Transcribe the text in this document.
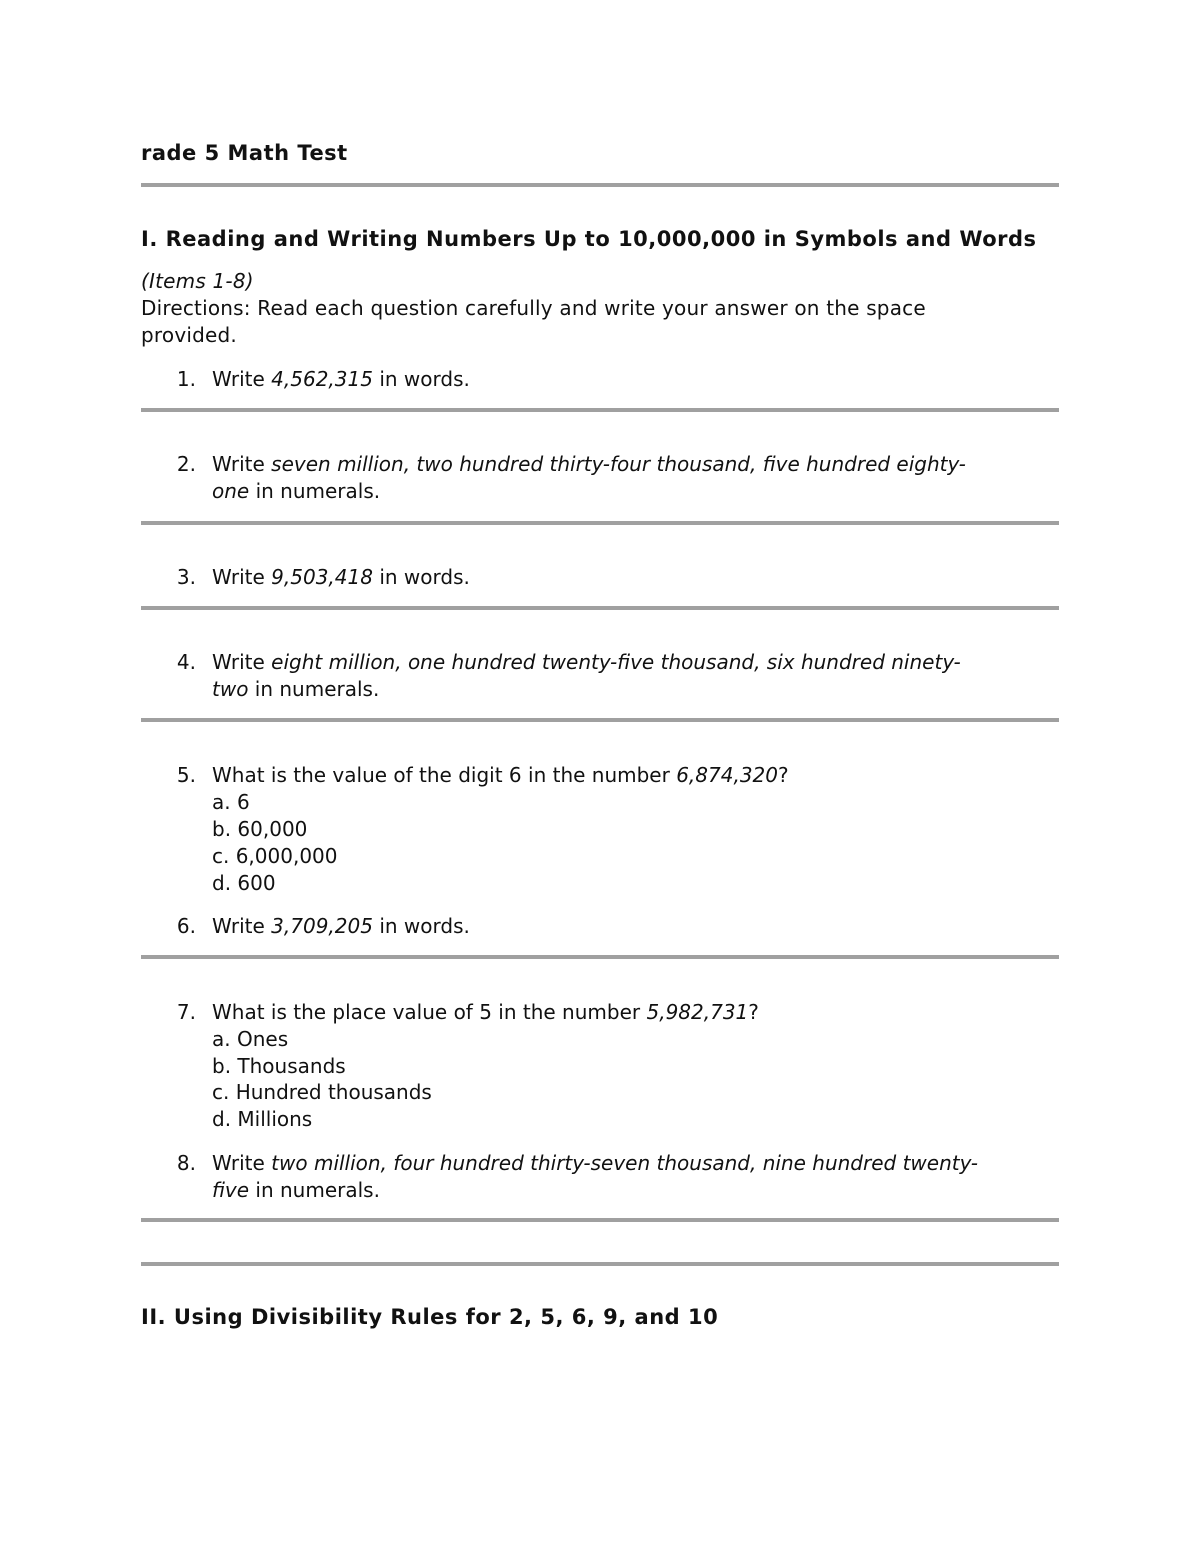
rade 5 Math Test
I. Reading and Writing Numbers Up to 10,000,000 in Symbols and Words
(Items 1-8)
Directions: Read each question carefully and write your answer on the space
provided.
1. Write 4,562,315 in words.
2. Write seven million, two hundred thirty-four thousand, five hundred eighty-
one in numerals.
3. Write 9,503,418 in words.
4. Write eight million, one hundred twenty-five thousand, six hundred ninety-
two in numerals.
5. What is the value of the digit 6 in the number 6,874,320?
a. 6
b. 60,000
c. 6,000,000
d. 600
6. Write 3,709,205 in words.
7. What is the place value of 5 in the number 5,982,731?
a. Ones
b. Thousands
c. Hundred thousands
d. Millions
8. Write two million, four hundred thirty-seven thousand, nine hundred twenty-
five in numerals.
II. Using Divisibility Rules for 2, 5, 6, 9, and 10
